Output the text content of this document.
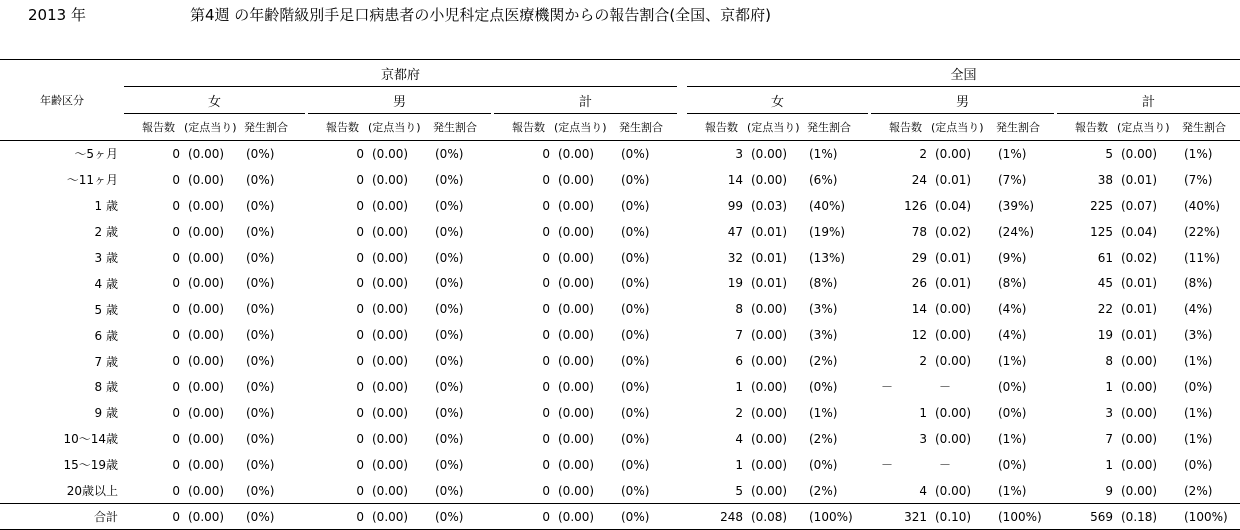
2013 年	第4週 の年齢階級別手足口病患者の小児科定点医療機関からの報告割合(全国、京都府)
年齢区分	京都府												全国										
	女				男				計				女				男				計		
	報告数	(定点当り)	発生割合		報告数	(定点当り)	発生割合		報告数	(定点当り)	発生割合		報告数	(定点当り)	発生割合		報告数	(定点当り)	発生割合		報告数	(定点当り)	発生割合
～5ヶ月	0	(0.00)	(0%)		0	(0.00)	(0%)		0	(0.00)	(0%)		3	(0.00)	(1%)		2	(0.00)	(1%)		5	(0.00)	(1%)
～11ヶ月	0	(0.00)	(0%)		0	(0.00)	(0%)		0	(0.00)	(0%)		14	(0.00)	(6%)		24	(0.01)	(7%)		38	(0.01)	(7%)
1 歳	0	(0.00)	(0%)		0	(0.00)	(0%)		0	(0.00)	(0%)		99	(0.03)	(40%)		126	(0.04)	(39%)		225	(0.07)	(40%)
2 歳	0	(0.00)	(0%)		0	(0.00)	(0%)		0	(0.00)	(0%)		47	(0.01)	(19%)		78	(0.02)	(24%)		125	(0.04)	(22%)
3 歳	0	(0.00)	(0%)		0	(0.00)	(0%)		0	(0.00)	(0%)		32	(0.01)	(13%)		29	(0.01)	(9%)		61	(0.02)	(11%)
4 歳	0	(0.00)	(0%)		0	(0.00)	(0%)		0	(0.00)	(0%)		19	(0.01)	(8%)		26	(0.01)	(8%)		45	(0.01)	(8%)
5 歳	0	(0.00)	(0%)		0	(0.00)	(0%)		0	(0.00)	(0%)		8	(0.00)	(3%)		14	(0.00)	(4%)		22	(0.01)	(4%)
6 歳	0	(0.00)	(0%)		0	(0.00)	(0%)		0	(0.00)	(0%)		7	(0.00)	(3%)		12	(0.00)	(4%)		19	(0.01)	(3%)
7 歳	0	(0.00)	(0%)		0	(0.00)	(0%)		0	(0.00)	(0%)		6	(0.00)	(2%)		2	(0.00)	(1%)		8	(0.00)	(1%)
8 歳	0	(0.00)	(0%)		0	(0.00)	(0%)		0	(0.00)	(0%)		1	(0.00)	(0%)		－	－	(0%)		1	(0.00)	(0%)
9 歳	0	(0.00)	(0%)		0	(0.00)	(0%)		0	(0.00)	(0%)		2	(0.00)	(1%)		1	(0.00)	(0%)		3	(0.00)	(1%)
10～14歳	0	(0.00)	(0%)		0	(0.00)	(0%)		0	(0.00)	(0%)		4	(0.00)	(2%)		3	(0.00)	(1%)		7	(0.00)	(1%)
15～19歳	0	(0.00)	(0%)		0	(0.00)	(0%)		0	(0.00)	(0%)		1	(0.00)	(0%)		－	－	(0%)		1	(0.00)	(0%)
20歳以上	0	(0.00)	(0%)		0	(0.00)	(0%)		0	(0.00)	(0%)		5	(0.00)	(2%)		4	(0.00)	(1%)		9	(0.00)	(2%)
合計	0	(0.00)	(0%)		0	(0.00)	(0%)		0	(0.00)	(0%)		248	(0.08)	(100%)		321	(0.10)	(100%)		569	(0.18)	(100%)
